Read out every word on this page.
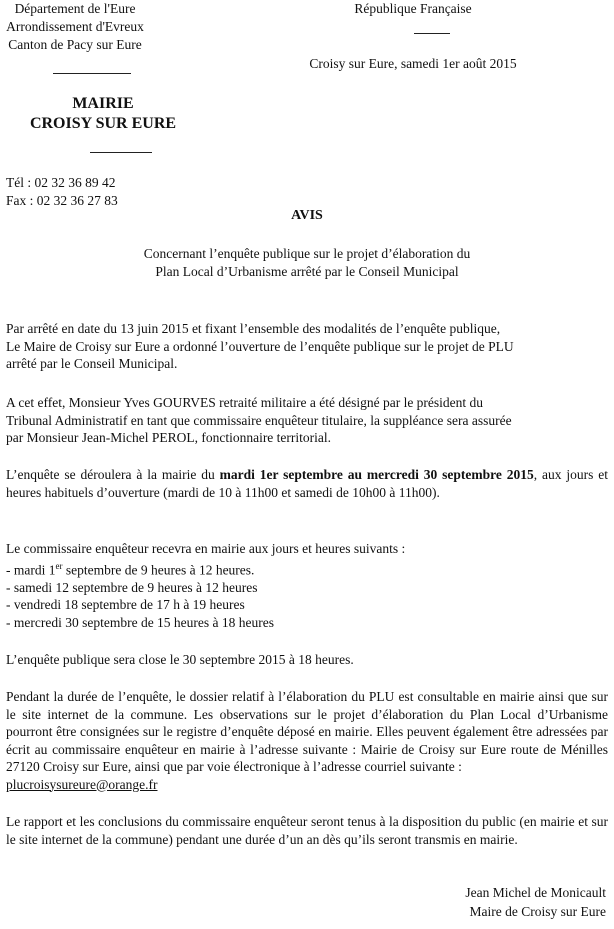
Département de l'Eure
Arrondissement d'Evreux
Canton de Pacy sur Eure
République Française
Croisy sur Eure, samedi 1er août 2015
MAIRIE
CROISY SUR EURE
Tél : 02 32 36 89 42
Fax : 02 32 36 27 83
AVIS
Concernant l’enquête publique sur le projet d’élaboration du
Plan Local d’Urbanisme arrêté par le Conseil Municipal
Par arrêté en date du 13 juin 2015 et fixant l’ensemble des modalités de l’enquête publique,
Le Maire de Croisy sur Eure a ordonné l’ouverture de l’enquête publique sur le projet de PLU
arrêté par le Conseil Municipal.
A cet effet, Monsieur Yves GOURVES retraité militaire a été désigné par le président du
Tribunal Administratif en tant que commissaire enquêteur titulaire, la suppléance sera assurée
par Monsieur Jean-Michel PEROL, fonctionnaire territorial.
L’enquête se déroulera à la mairie du mardi 1er septembre au mercredi 30 septembre 2015, aux jours et heures habituels d’ouverture (mardi de 10 à 11h00 et samedi de 10h00 à 11h00).
Le commissaire enquêteur recevra en mairie aux jours et heures suivants :
- mardi 1er septembre de 9 heures à 12 heures.
- samedi 12 septembre de 9 heures à 12 heures
- vendredi 18 septembre de 17 h à 19 heures
- mercredi 30 septembre de 15 heures à 18 heures
L’enquête publique sera close le 30 septembre 2015 à 18 heures.
Pendant la durée de l’enquête, le dossier relatif à l’élaboration du PLU est consultable en mairie ainsi que sur le site internet de la commune. Les observations sur le projet d’élaboration du Plan Local d’Urbanisme pourront être consignées sur le registre d’enquête déposé en mairie. Elles peuvent également être adressées par écrit au commissaire enquêteur en mairie à l’adresse suivante : Mairie de Croisy sur Eure route de Ménilles 27120 Croisy sur Eure, ainsi que par voie électronique à l’adresse courriel suivante :
plucroisysureure@orange.fr
Le rapport et les conclusions du commissaire enquêteur seront tenus à la disposition du public (en mairie et sur le site internet de la commune) pendant une durée d’un an dès qu’ils seront transmis en mairie.
Jean Michel de Monicault
Maire de Croisy sur Eure
